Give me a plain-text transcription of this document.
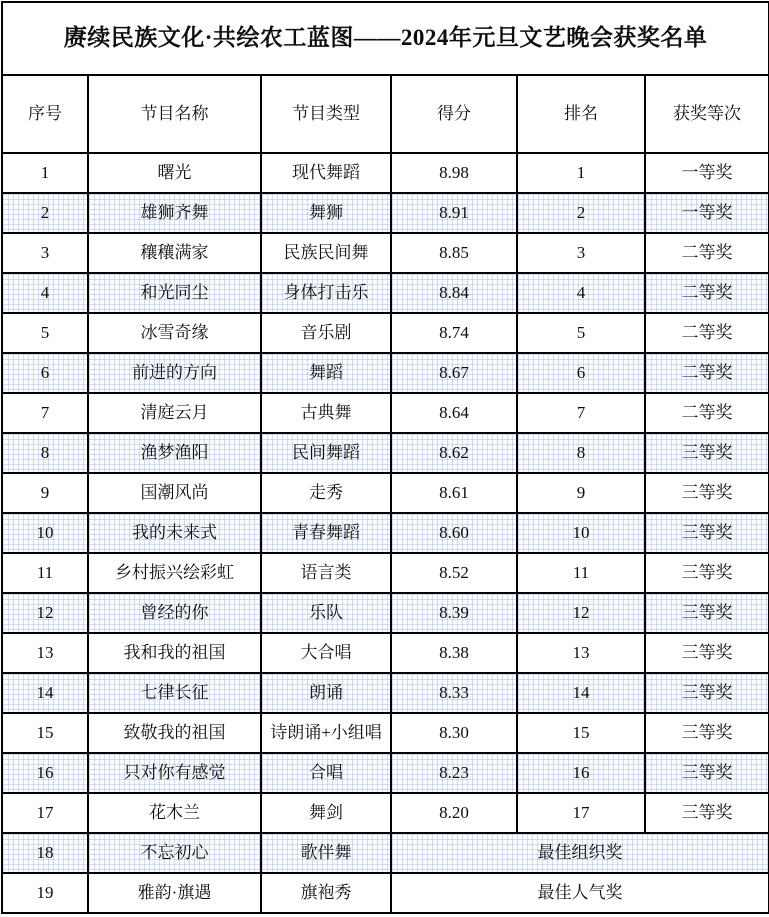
赓续民族文化·共绘农工蓝图——2024年元旦文艺晚会获奖名单					
序号	节目名称	节目类型	得分	排名	获奖等次
1	曙光	现代舞蹈	8.98	1	一等奖
2	雄狮齐舞	舞狮	8.91	2	一等奖
3	穰穰满家	民族民间舞	8.85	3	二等奖
4	和光同尘	身体打击乐	8.84	4	二等奖
5	冰雪奇缘	音乐剧	8.74	5	二等奖
6	前进的方向	舞蹈	8.67	6	二等奖
7	清庭云月	古典舞	8.64	7	二等奖
8	渔梦渔阳	民间舞蹈	8.62	8	三等奖
9	国潮风尚	走秀	8.61	9	三等奖
10	我的未来式	青春舞蹈	8.60	10	三等奖
11	乡村振兴绘彩虹	语言类	8.52	11	三等奖
12	曾经的你	乐队	8.39	12	三等奖
13	我和我的祖国	大合唱	8.38	13	三等奖
14	七律长征	朗诵	8.33	14	三等奖
15	致敬我的祖国	诗朗诵+小组唱	8.30	15	三等奖
16	只对你有感觉	合唱	8.23	16	三等奖
17	花木兰	舞剑	8.20	17	三等奖
18	不忘初心	歌伴舞	最佳组织奖		
19	雅韵·旗遇	旗袍秀	最佳人气奖		
